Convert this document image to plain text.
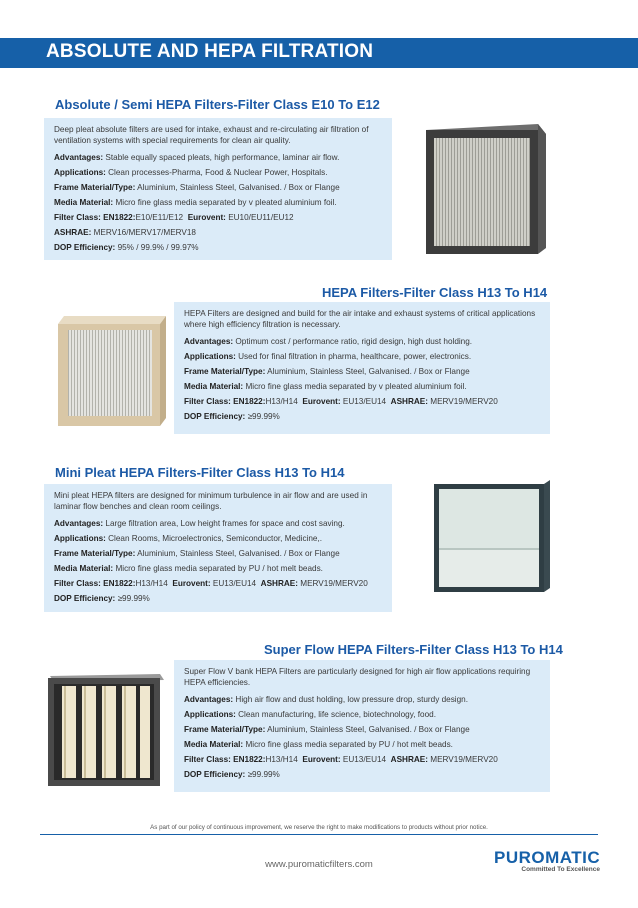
ABSOLUTE AND HEPA FILTRATION
Absolute / Semi HEPA Filters-Filter Class E10 To E12

Deep pleat absolute filters are used for intake, exhaust and re-circulating air filtration of ventilation systems with special requirements for clean air quality.

Advantages: Stable equally spaced pleats, high performance, laminar air flow.

Applications: Clean processes-Pharma, Food & Nuclear Power, Hospitals.

Frame Material/Type: Aluminium, Stainless Steel, Galvanised. / Box or Flange

Media Material: Micro fine glass media separated by v pleated aluminium foil.

Filter Class: EN1822:E10/E11/E12 Eurovent: EU10/EU11/EU12

ASHRAE: MERV16/MERV17/MERV18

DOP Efficiency: 95% / 99.9% / 99.97%

HEPA Filters-Filter Class H13 To H14

HEPA Filters are designed and build for the air intake and exhaust systems of critical applications where high efficiency filtration is necessary.

Advantages: Optimum cost / performance ratio, rigid design, high dust holding.

Applications: Used for final filtration in pharma, healthcare, power, electronics.

Frame Material/Type: Aluminium, Stainless Steel, Galvanised. / Box or Flange

Media Material: Micro fine glass media separated by v pleated aluminium foil.

Filter Class: EN1822:H13/H14 Eurovent: EU13/EU14 ASHRAE: MERV19/MERV20

DOP Efficiency: ≥99.99%

Mini Pleat HEPA Filters-Filter Class H13 To H14

Mini pleat HEPA filters are designed for minimum turbulence in air flow and are used in laminar flow benches and clean room ceilings.

Advantages: Large filtration area, Low height frames for space and cost saving.

Applications: Clean Rooms, Microelectronics, Semiconductor, Medicine,.

Frame Material/Type: Aluminium, Stainless Steel, Galvanised. / Box or Flange

Media Material: Micro fine glass media separated by PU / hot melt beads.

Filter Class: EN1822:H13/H14 Eurovent: EU13/EU14 ASHRAE: MERV19/MERV20

DOP Efficiency: ≥99.99%

Super Flow HEPA Filters-Filter Class H13 To H14

Super Flow V bank HEPA Filters are particularly designed for high air flow applications requiring HEPA efficiencies.

Advantages: High air flow and dust holding, low pressure drop, sturdy design.

Applications: Clean manufacturing, life science, biotechnology, food.

Frame Material/Type: Aluminium, Stainless Steel, Galvanised. / Box or Flange

Media Material: Micro fine glass media separated by PU / hot melt beads.

Filter Class: EN1822:H13/H14 Eurovent: EU13/EU14 ASHRAE: MERV19/MERV20

DOP Efficiency: ≥99.99%

As part of our policy of continuous improvement, we reserve the right to make modifications to products without prior notice.
www.puromaticfilters.com	PUROMATIC
Committed To Excellence
